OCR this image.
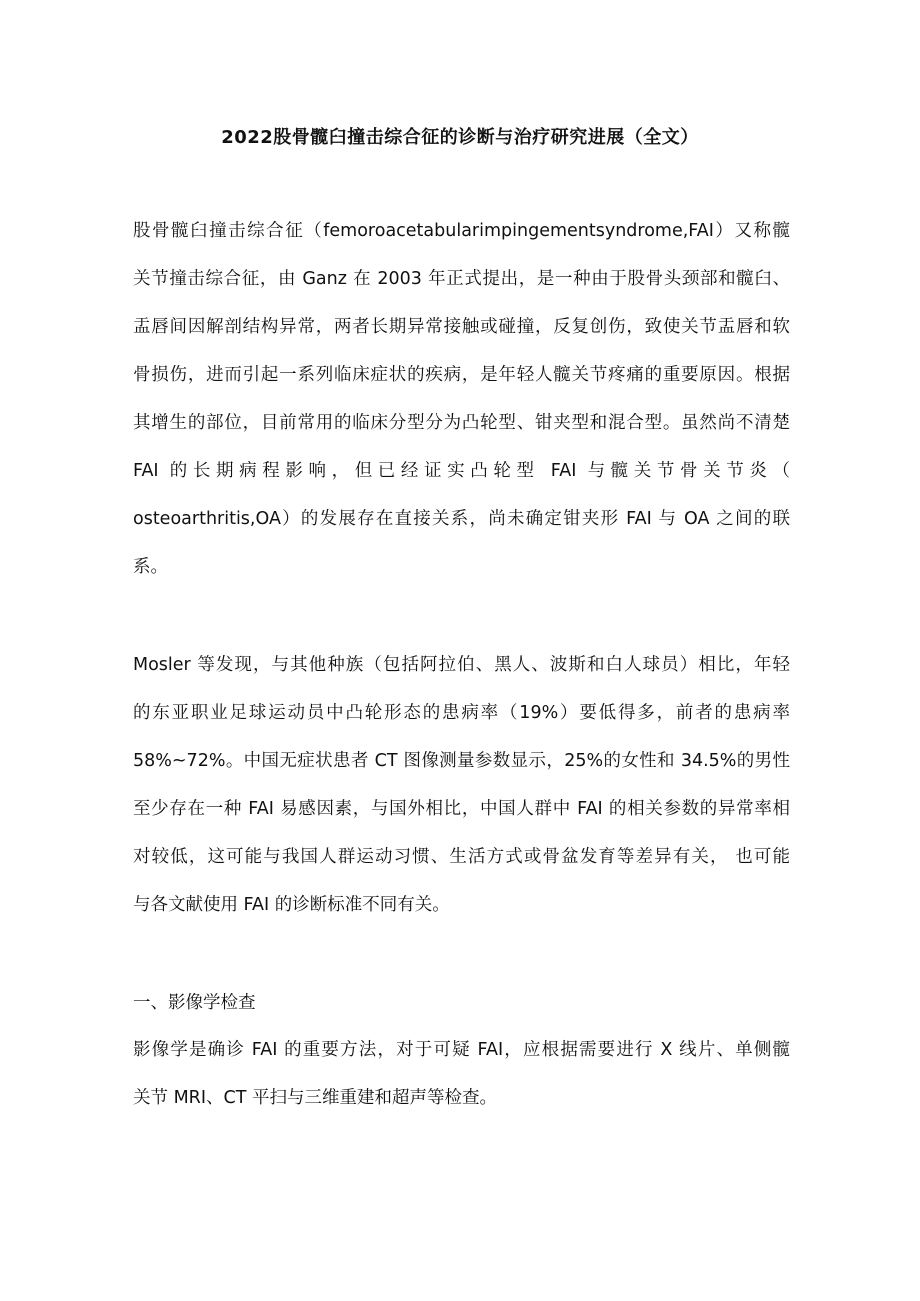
2022股骨髋臼撞击综合征的诊断与治疗研究进展（全文）
股骨髋臼撞击综合征（femoroacetabularimpingementsyndrome,FAI）又称髋
关节撞击综合征，由 Ganz 在 2003 年正式提出，是一种由于股骨头颈部和髋臼、
盂唇间因解剖结构异常，两者长期异常接触或碰撞，反复创伤，致使关节盂唇和软
骨损伤，进而引起一系列临床症状的疾病，是年轻人髋关节疼痛的重要原因。根据
其增生的部位，目前常用的临床分型分为凸轮型、钳夹型和混合型。虽然尚不清楚
FAI 的长期病程影响，但已经证实凸轮型 FAI 与髋关节骨关节炎（
osteoarthritis,OA）的发展存在直接关系，尚未确定钳夹形 FAI 与 OA 之间的联
系。
Mosler 等发现，与其他种族（包括阿拉伯、黑人、波斯和白人球员）相比，年轻
的东亚职业足球运动员中凸轮形态的患病率（19%）要低得多，前者的患病率
58%~72%。中国无症状患者 CT 图像测量参数显示，25%的女性和 34.5%的男性
至少存在一种 FAI 易感因素，与国外相比，中国人群中 FAI 的相关参数的异常率相
对较低，这可能与我国人群运动习惯、生活方式或骨盆发育等差异有关， 也可能
与各文献使用 FAI 的诊断标准不同有关。
一、影像学检查
影像学是确诊 FAI 的重要方法，对于可疑 FAI，应根据需要进行 X 线片、单侧髋
关节 MRI、CT 平扫与三维重建和超声等检查。
